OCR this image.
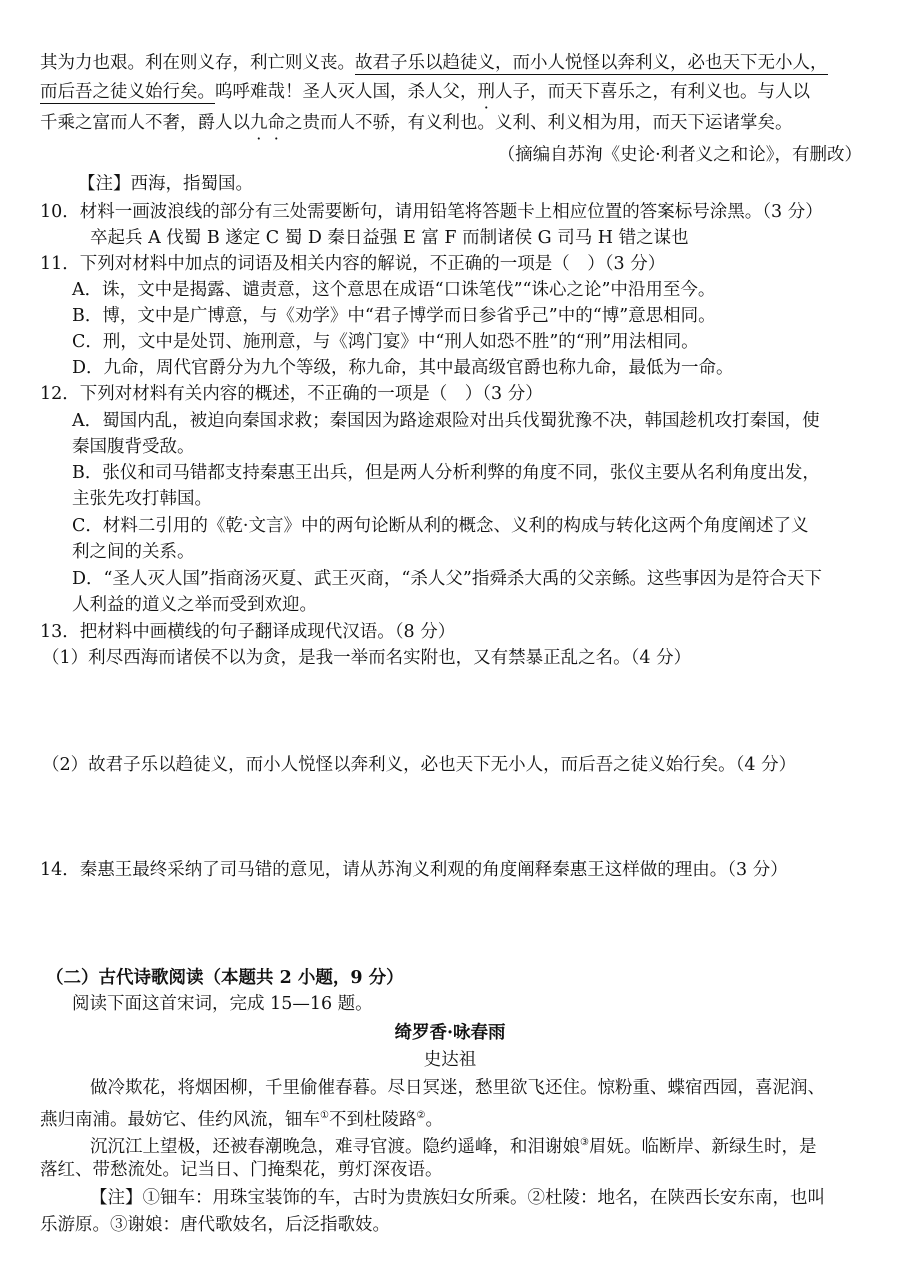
其为力也艰。利在则义存，利亡则义丧。故君子乐以趋徒义，而小人悦怪以奔利义，必也天下无小人，
而后吾之徒义始行矣。呜呼难哉！圣人灭人国，杀人父，刑人子，而天下喜乐之，有利义也。与人以
千乘之富而人不奢，爵人以九命之贵而人不骄，有义利也。义利、利义相为用，而天下运诸掌矣。
（摘编自苏洵《史论·利者义之和论》，有删改）
【注】西海，指蜀国。
10．材料一画波浪线的部分有三处需要断句，请用铅笔将答题卡上相应位置的答案标号涂黑。（3 分）
卒起兵 A 伐蜀 B 遂定 C 蜀 D 秦日益强 E 富 F 而制诸侯 G 司马 H 错之谋也
11．下列对材料中加点的词语及相关内容的解说，不正确的一项是（　）（3 分）
A．诛，文中是揭露、谴责意，这个意思在成语“口诛笔伐”“诛心之论”中沿用至今。
B．博，文中是广博意，与《劝学》中“君子博学而日参省乎己”中的“博”意思相同。
C．刑，文中是处罚、施刑意，与《鸿门宴》中“刑人如恐不胜”的“刑”用法相同。
D．九命，周代官爵分为九个等级，称九命，其中最高级官爵也称九命，最低为一命。
12．下列对材料有关内容的概述，不正确的一项是（　）（3 分）
A．蜀国内乱，被迫向秦国求救；秦国因为路途艰险对出兵伐蜀犹豫不决，韩国趁机攻打秦国，使
秦国腹背受敌。
B．张仪和司马错都支持秦惠王出兵，但是两人分析利弊的角度不同，张仪主要从名利角度出发，
主张先攻打韩国。
C．材料二引用的《乾·文言》中的两句论断从利的概念、义利的构成与转化这两个角度阐述了义
利之间的关系。
D．“圣人灭人国”指商汤灭夏、武王灭商，“杀人父”指舜杀大禹的父亲鲧。这些事因为是符合天下
人利益的道义之举而受到欢迎。
13．把材料中画横线的句子翻译成现代汉语。（8 分）
（1）利尽西海而诸侯不以为贪，是我一举而名实附也，又有禁暴正乱之名。（4 分）
（2）故君子乐以趋徒义，而小人悦怪以奔利义，必也天下无小人，而后吾之徒义始行矣。（4 分）
14．秦惠王最终采纳了司马错的意见，请从苏洵义利观的角度阐释秦惠王这样做的理由。（3 分）
（二）古代诗歌阅读（本题共 2 小题，9 分）
阅读下面这首宋词，完成 15—16 题。
绮罗香·咏春雨
史达祖
做冷欺花，将烟困柳，千里偷催春暮。尽日冥迷，愁里欲飞还住。惊粉重、蝶宿西园，喜泥润、
燕归南浦。最妨它、佳约风流，钿车①不到杜陵路②。
沉沉江上望极，还被春潮晚急，难寻官渡。隐约遥峰，和泪谢娘③眉妩。临断岸、新绿生时，是
落红、带愁流处。记当日、门掩梨花，剪灯深夜语。
【注】①钿车：用珠宝装饰的车，古时为贵族妇女所乘。②杜陵：地名，在陕西长安东南，也叫
乐游原。③谢娘：唐代歌妓名，后泛指歌妓。
